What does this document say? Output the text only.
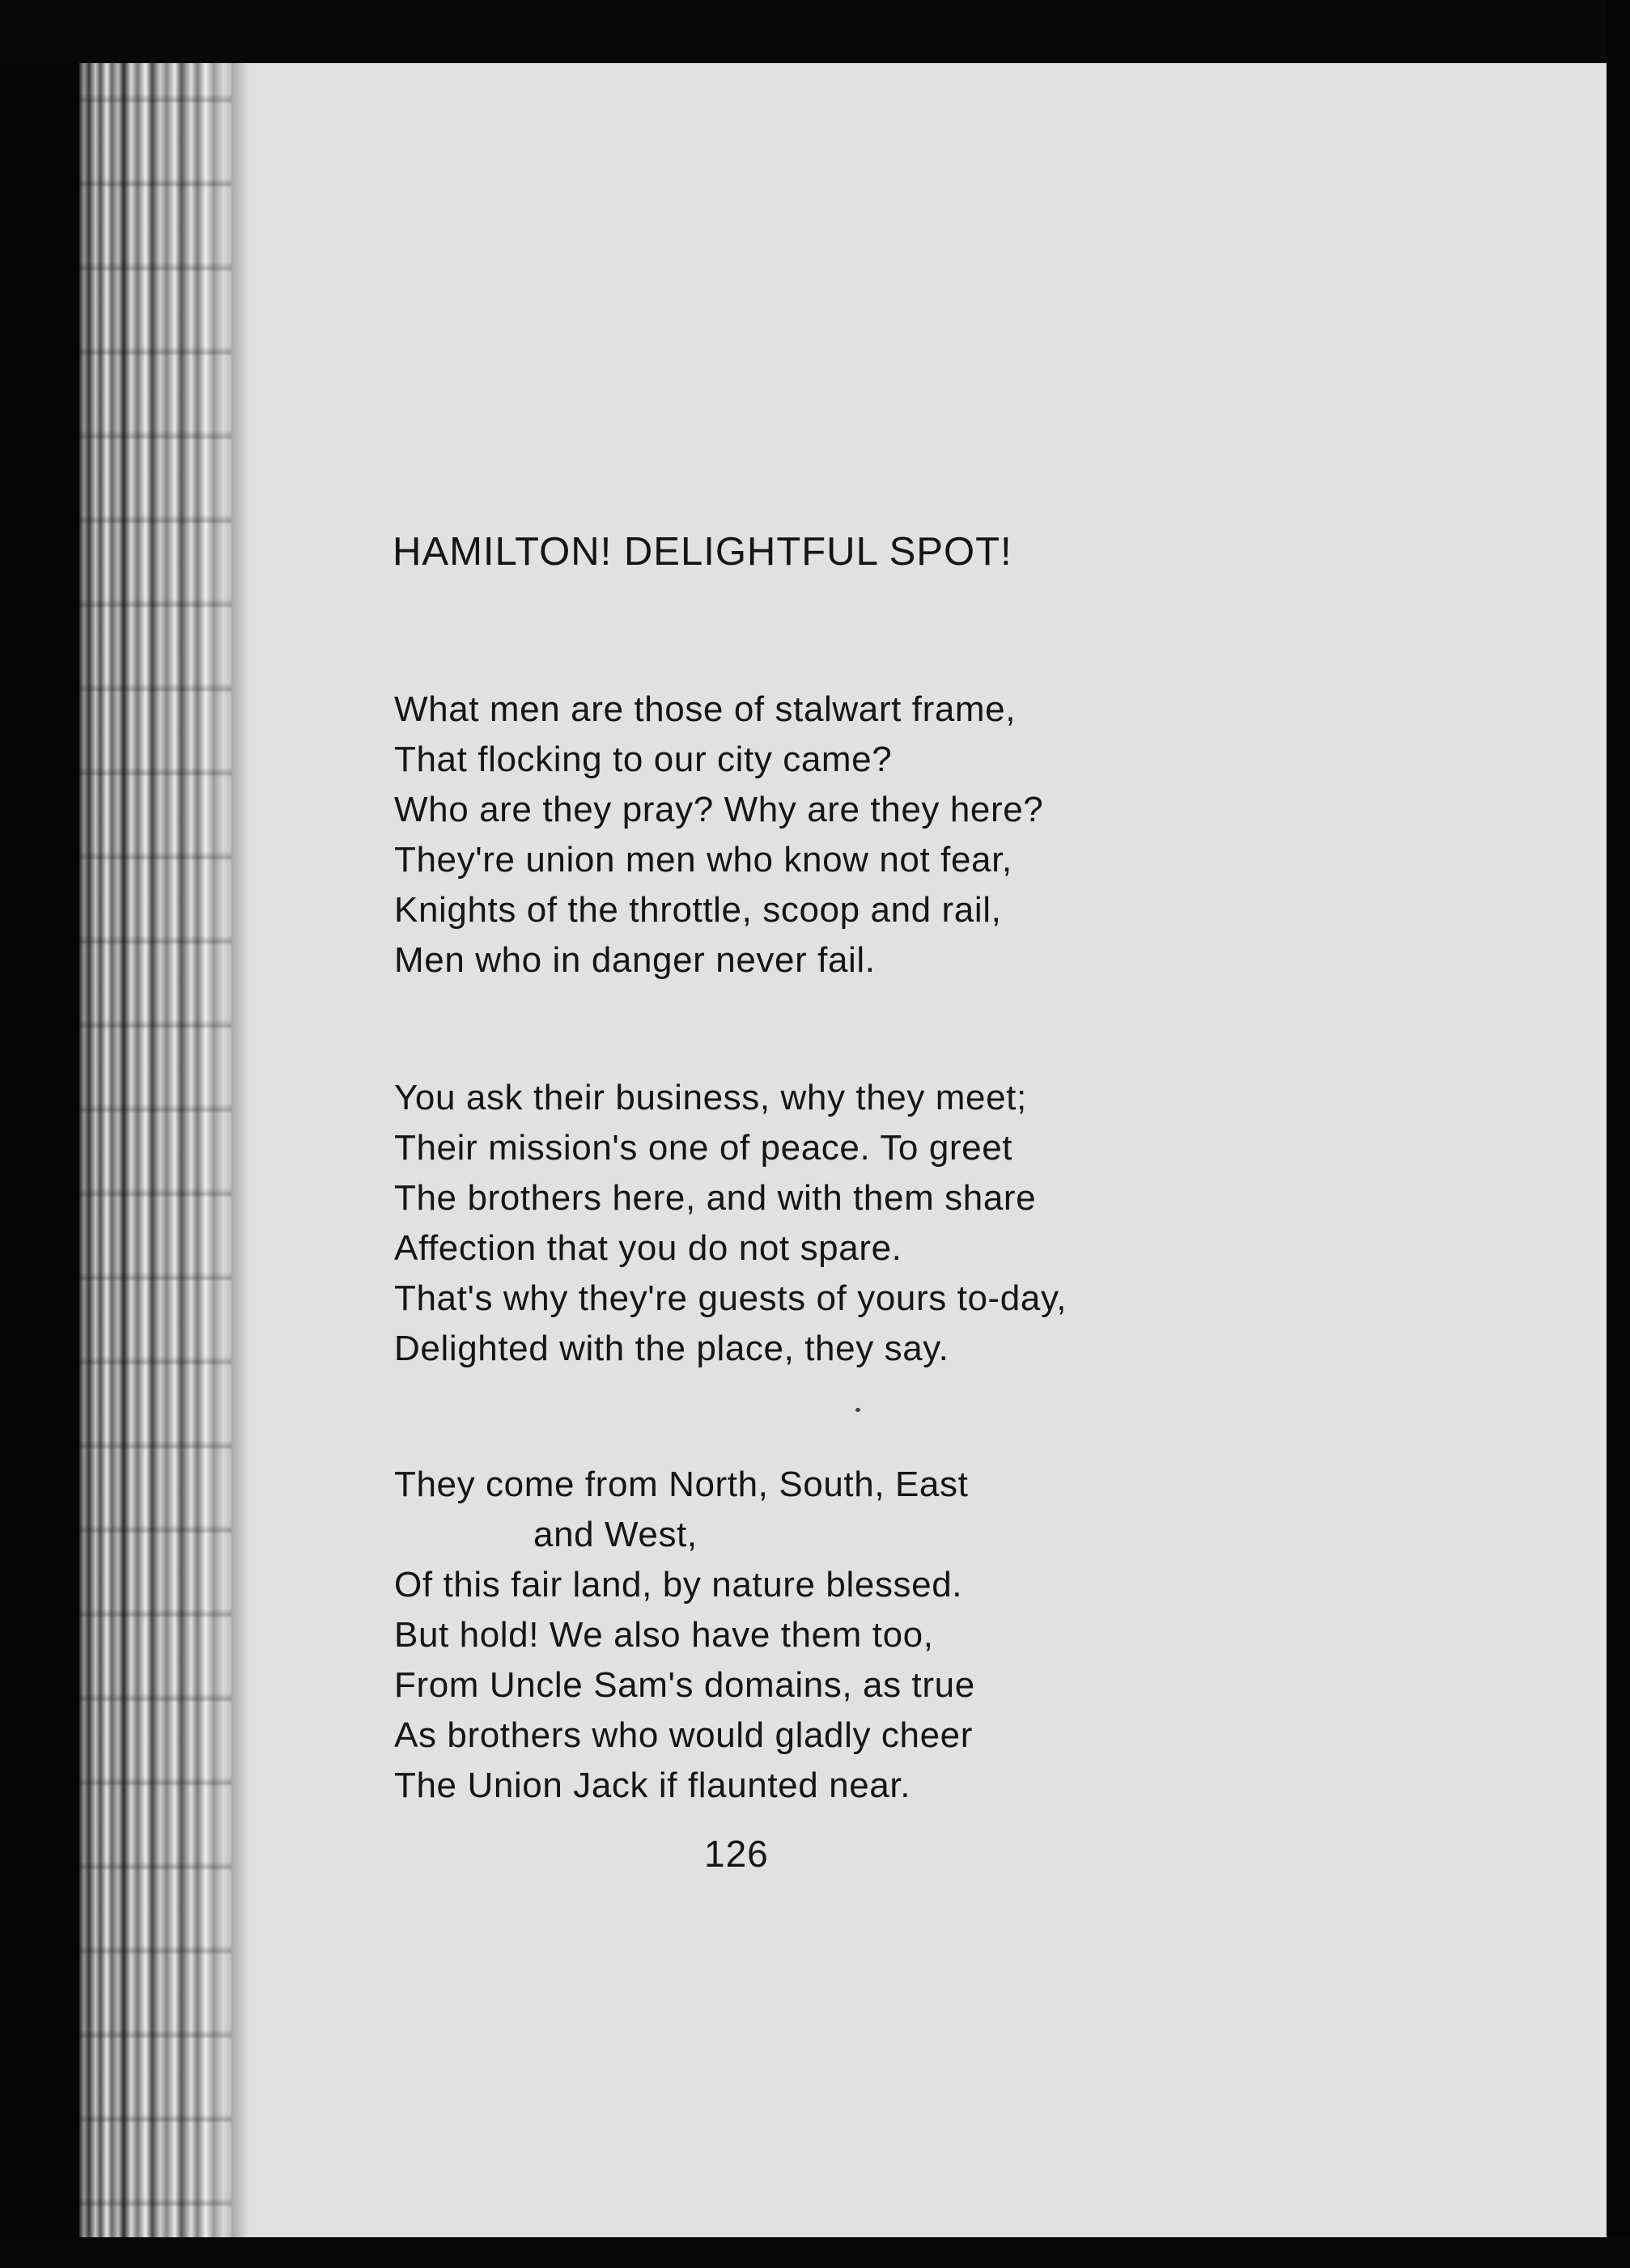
HAMILTON! DELIGHTFUL SPOT!
What men are those of stalwart frame,
That flocking to our city came?
Who are they pray? Why are they here?
They're union men who know not fear,
Knights of the throttle, scoop and rail,
Men who in danger never fail.
You ask their business, why they meet;
Their mission's one of peace. To greet
The brothers here, and with them share
Affection that you do not spare.
That's why they're guests of yours to-day,
Delighted with the place, they say.
They come from North, South, East
and West,
Of this fair land, by nature blessed.
But hold! We also have them too,
From Uncle Sam's domains, as true
As brothers who would gladly cheer
The Union Jack if flaunted near.
126
